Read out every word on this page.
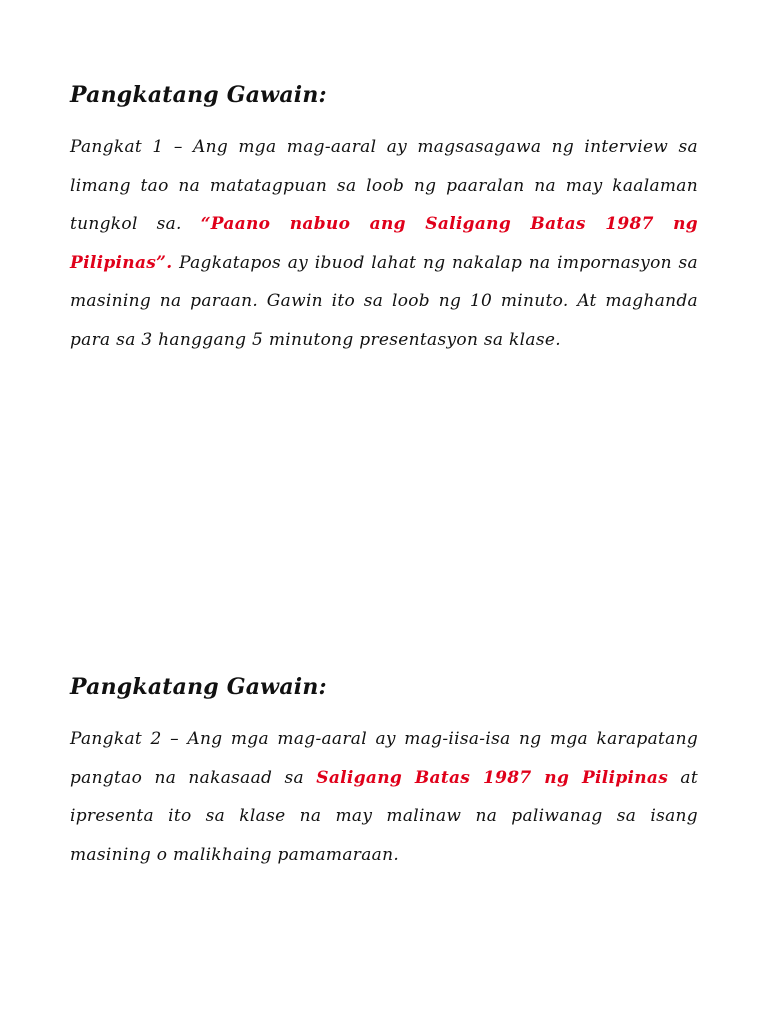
Pangkatang Gawain:

Pangkat 1 – Ang mga mag-aaral ay magsasagawa ng interview sa limang tao na matatagpuan sa loob ng paaralan na may kaalaman tungkol sa. “Paano nabuo ang Saligang Batas 1987 ng Pilipinas”. Pagkatapos ay ibuod lahat ng nakalap na impornasyon sa masining na paraan. Gawin ito sa loob ng 10 minuto. At maghanda para sa 3 hanggang 5 minutong presentasyon sa klase.

Pangkatang Gawain:

Pangkat 2 – Ang mga mag-aaral ay mag-iisa-isa ng mga karapatang pangtao na nakasaad sa Saligang Batas 1987 ng Pilipinas at ipresenta ito sa klase na may malinaw na paliwanag sa isang masining o malikhaing pamamaraan.
